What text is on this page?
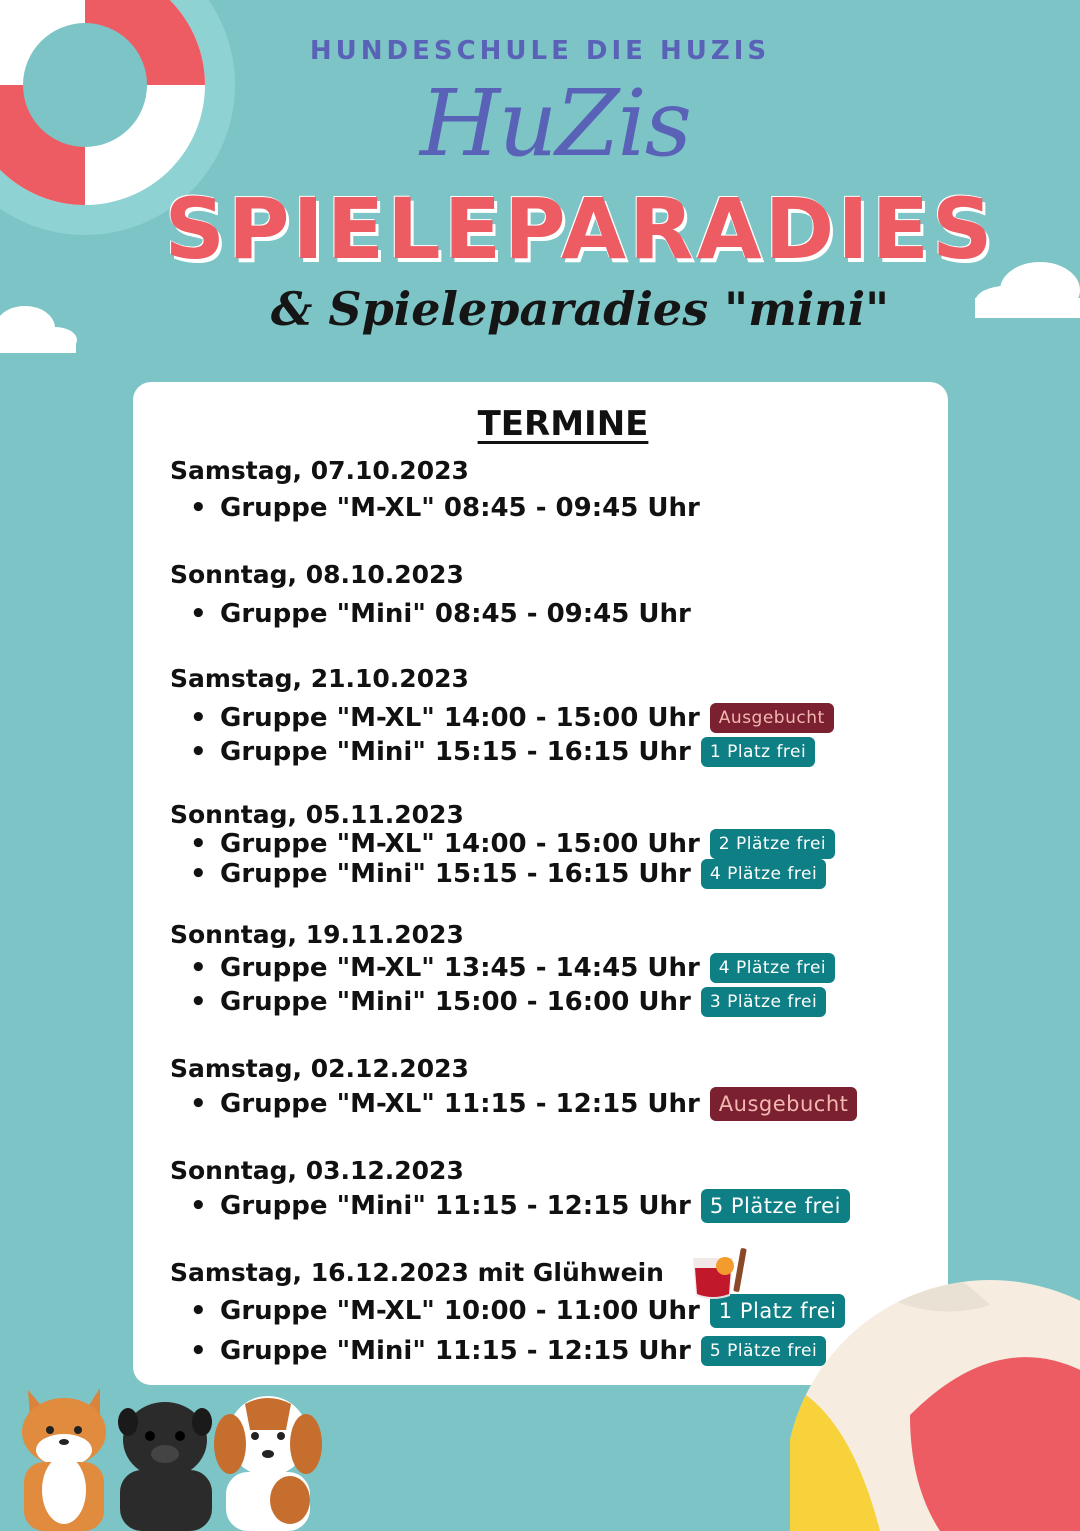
HUNDESCHULE DIE HUZIS
HuZis
SPIELEPARADIES
& Spieleparadies "mini"
TERMINE
Samstag, 07.10.2023
• Gruppe "M-XL" 08:45 - 09:45 Uhr
Sonntag, 08.10.2023
• Gruppe "Mini" 08:45 - 09:45 Uhr
Samstag, 21.10.2023
• Gruppe "M-XL" 14:00 - 15:00 Uhr	Ausgebucht
• Gruppe "Mini" 15:15 - 16:15 Uhr	1 Platz frei
Sonntag, 05.11.2023
• Gruppe "M-XL" 14:00 - 15:00 Uhr	2 Plätze frei
• Gruppe "Mini" 15:15 - 16:15 Uhr	4 Plätze frei
Sonntag, 19.11.2023
• Gruppe "M-XL" 13:45 - 14:45 Uhr	4 Plätze frei
• Gruppe "Mini" 15:00 - 16:00 Uhr	3 Plätze frei
Samstag, 02.12.2023
• Gruppe "M-XL" 11:15 - 12:15 Uhr Ausgebucht
Sonntag, 03.12.2023
• Gruppe "Mini" 11:15 - 12:15 Uhr 5 Plätze frei
Samstag, 16.12.2023 mit Glühwein
• Gruppe "M-XL" 10:00 - 11:00 Uhr 1 Platz frei
• Gruppe "Mini" 11:15 - 12:15 Uhr	5 Plätze frei
